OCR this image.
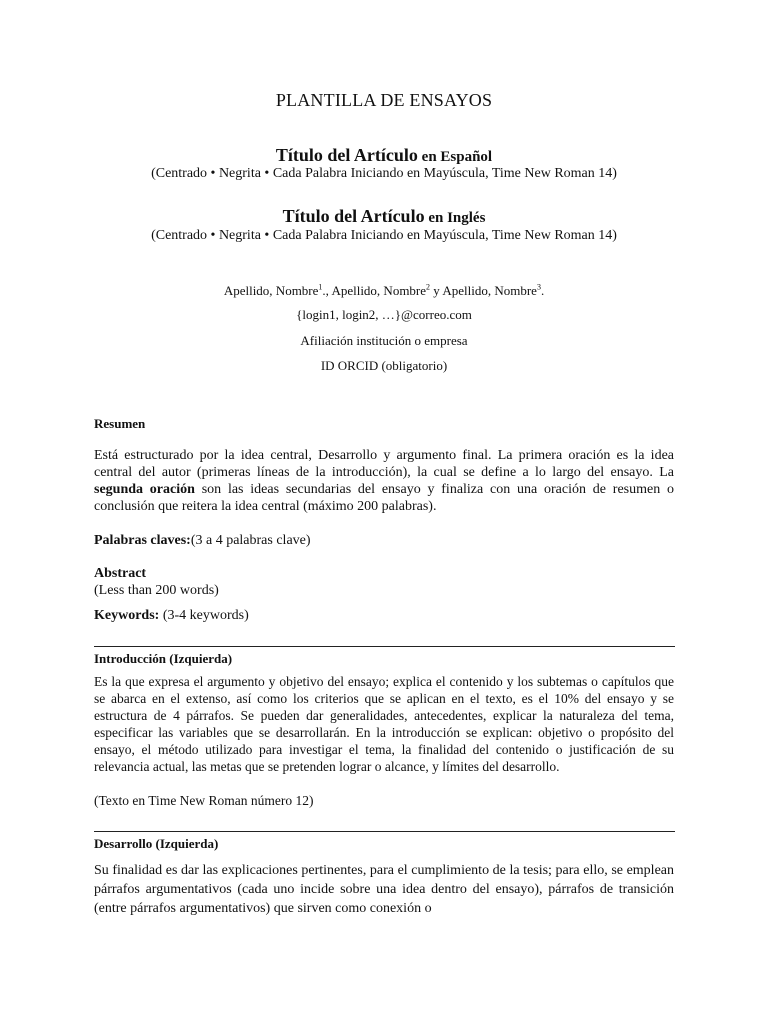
PLANTILLA DE ENSAYOS
Título del Artículo en Español
(Centrado • Negrita • Cada Palabra Iniciando en Mayúscula, Time New Roman 14)
Título del Artículo en Inglés
(Centrado • Negrita • Cada Palabra Iniciando en Mayúscula, Time New Roman 14)
Apellido, Nombre$^1$., Apellido, Nombre$^2$ y Apellido, Nombre$^3$.
{login1, login2, …}@correo.com
Afiliación institución o empresa
ID ORCID (obligatorio)
Resumen
Está estructurado por la idea central, Desarrollo y argumento final. La primera oración es la idea central del autor (primeras líneas de la introducción), la cual se define a lo largo del ensayo. La segunda oración son las ideas secundarias del ensayo y finaliza con una oración de resumen o conclusión que reitera la idea central (máximo 200 palabras).
Palabras claves:(3 a 4 palabras clave)
Abstract
(Less than 200 words)
Keywords: (3-4 keywords)
Introducción (Izquierda)
Es la que expresa el argumento y objetivo del ensayo; explica el contenido y los subtemas o capítulos que se abarca en el extenso, así como los criterios que se aplican en el texto, es el 10% del ensayo y se estructura de 4 párrafos. Se pueden dar generalidades, antecedentes, explicar la naturaleza del tema, especificar las variables que se desarrollarán. En la introducción se explican: objetivo o propósito del ensayo, el método utilizado para investigar el tema, la finalidad del contenido o justificación de su relevancia actual, las metas que se pretenden lograr o alcance, y límites del desarrollo.
(Texto en Time New Roman número 12)
Desarrollo (Izquierda)
Su finalidad es dar las explicaciones pertinentes, para el cumplimiento de la tesis; para ello, se emplean párrafos argumentativos (cada uno incide sobre una idea dentro del ensayo), párrafos de transición (entre párrafos argumentativos) que sirven como conexión o
